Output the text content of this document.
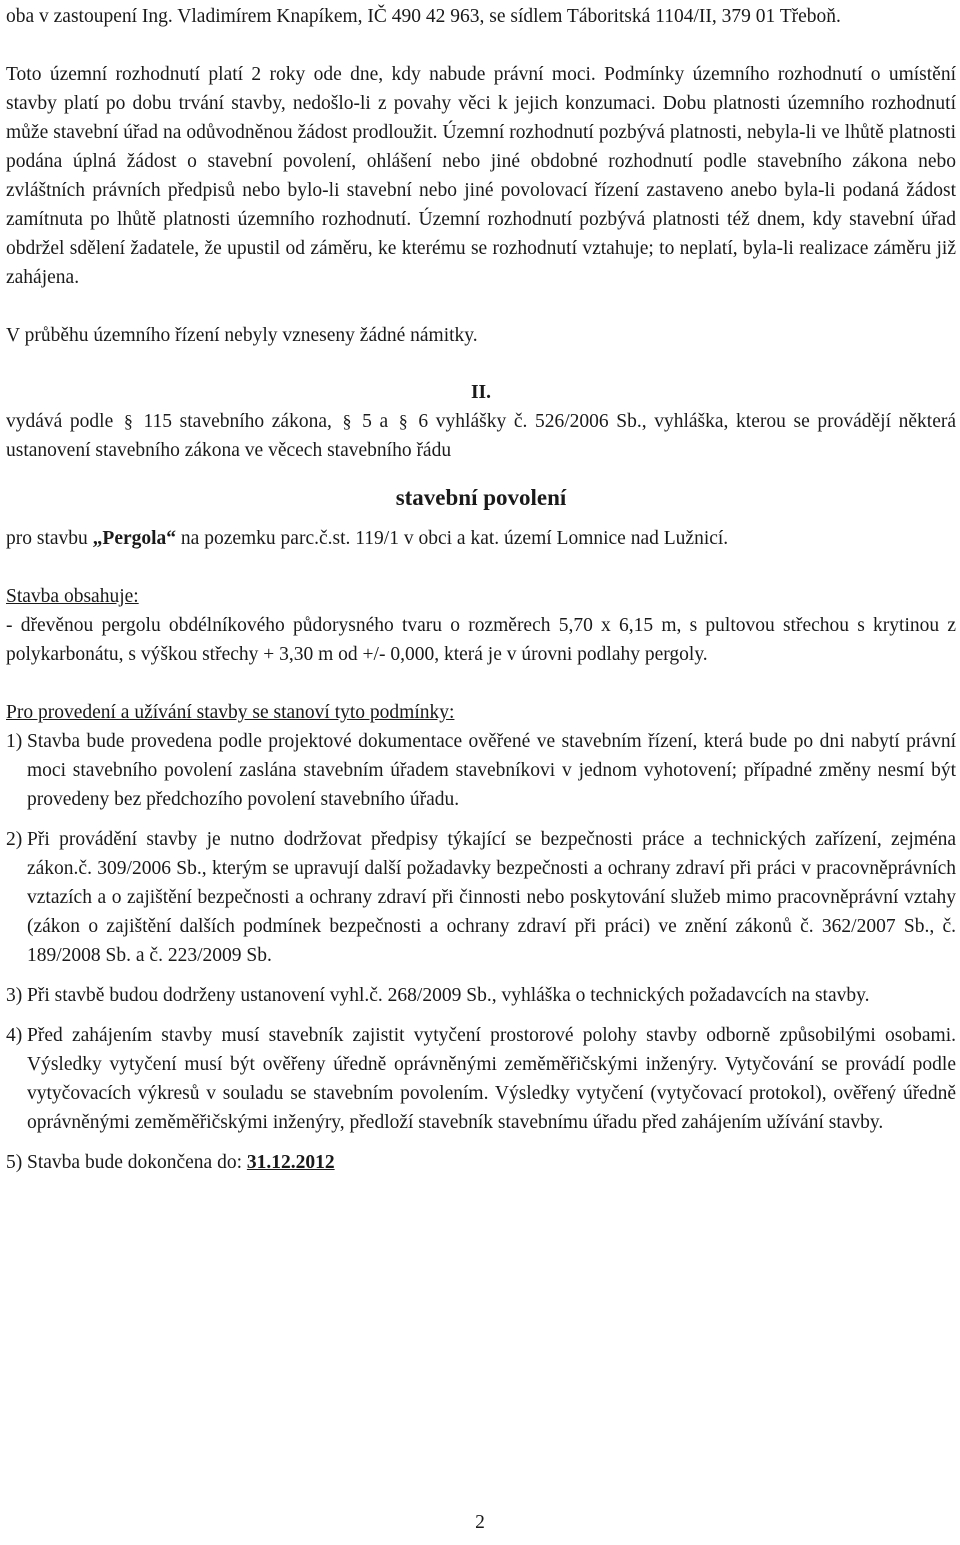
oba v zastoupení Ing. Vladimírem Knapíkem, IČ 490 42 963, se sídlem Táboritská 1104/II, 379 01 Třeboň.

Toto územní rozhodnutí platí 2 roky ode dne, kdy nabude právní moci. Podmínky územního rozhodnutí o umístění stavby platí po dobu trvání stavby, nedošlo-li z povahy věci k jejich konzumaci. Dobu platnosti územního rozhodnutí může stavební úřad na odůvodněnou žádost prodloužit. Územní rozhodnutí pozbývá platnosti, nebyla-li ve lhůtě platnosti podána úplná žádost o stavební povolení, ohlášení nebo jiné obdobné rozhodnutí podle stavebního zákona nebo zvláštních právních předpisů nebo bylo-li stavební nebo jiné povolovací řízení zastaveno anebo byla-li podaná žádost zamítnuta po lhůtě platnosti územního rozhodnutí. Územní rozhodnutí pozbývá platnosti též dnem, kdy stavební úřad obdržel sdělení žadatele, že upustil od záměru, ke kterému se rozhodnutí vztahuje; to neplatí, byla-li realizace záměru již zahájena.

V průběhu územního řízení nebyly vzneseny žádné námitky.

II.

vydává podle § 115 stavebního zákona, § 5 a § 6 vyhlášky č. 526/2006 Sb., vyhláška, kterou se provádějí některá ustanovení stavebního zákona ve věcech stavebního řádu

stavební povolení

pro stavbu „Pergola“ na pozemku parc.č.st. 119/1 v obci a kat. území Lomnice nad Lužnicí.

Stavba obsahuje:

- dřevěnou pergolu obdélníkového půdorysného tvaru o rozměrech 5,70 x 6,15 m, s pultovou střechou s krytinou z polykarbonátu, s výškou střechy + 3,30 m od +/- 0,000, která je v úrovni podlahy pergoly.

Pro provedení a užívání stavby se stanoví tyto podmínky:

1) Stavba bude provedena podle projektové dokumentace ověřené ve stavebním řízení, která bude po dni nabytí právní moci stavebního povolení zaslána stavebním úřadem stavebníkovi v jednom vyhotovení; případné změny nesmí být provedeny bez předchozího povolení stavebního úřadu.
2) Při provádění stavby je nutno dodržovat předpisy týkající se bezpečnosti práce a technických zařízení, zejména zákon.č. 309/2006 Sb., kterým se upravují další požadavky bezpečnosti a ochrany zdraví při práci v pracovněprávních vztazích a o zajištění bezpečnosti a ochrany zdraví při činnosti nebo poskytování služeb mimo pracovněprávní vztahy (zákon o zajištění dalších podmínek bezpečnosti a ochrany zdraví při práci) ve znění zákonů č. 362/2007 Sb., č. 189/2008 Sb. a č. 223/2009 Sb.
3) Při stavbě budou dodrženy ustanovení vyhl.č. 268/2009 Sb., vyhláška o technických požadavcích na stavby.
4) Před zahájením stavby musí stavebník zajistit vytyčení prostorové polohy stavby odborně způsobilými osobami. Výsledky vytyčení musí být ověřeny úředně oprávněnými zeměměřičskými inženýry. Vytyčování se provádí podle vytyčovacích výkresů v souladu se stavebním povolením. Výsledky vytyčení (vytyčovací protokol), ověřený úředně oprávněnými zeměměřičskými inženýry, předloží stavebník stavebnímu úřadu před zahájením užívání stavby.
5) Stavba bude dokončena do: 31.12.2012
2
